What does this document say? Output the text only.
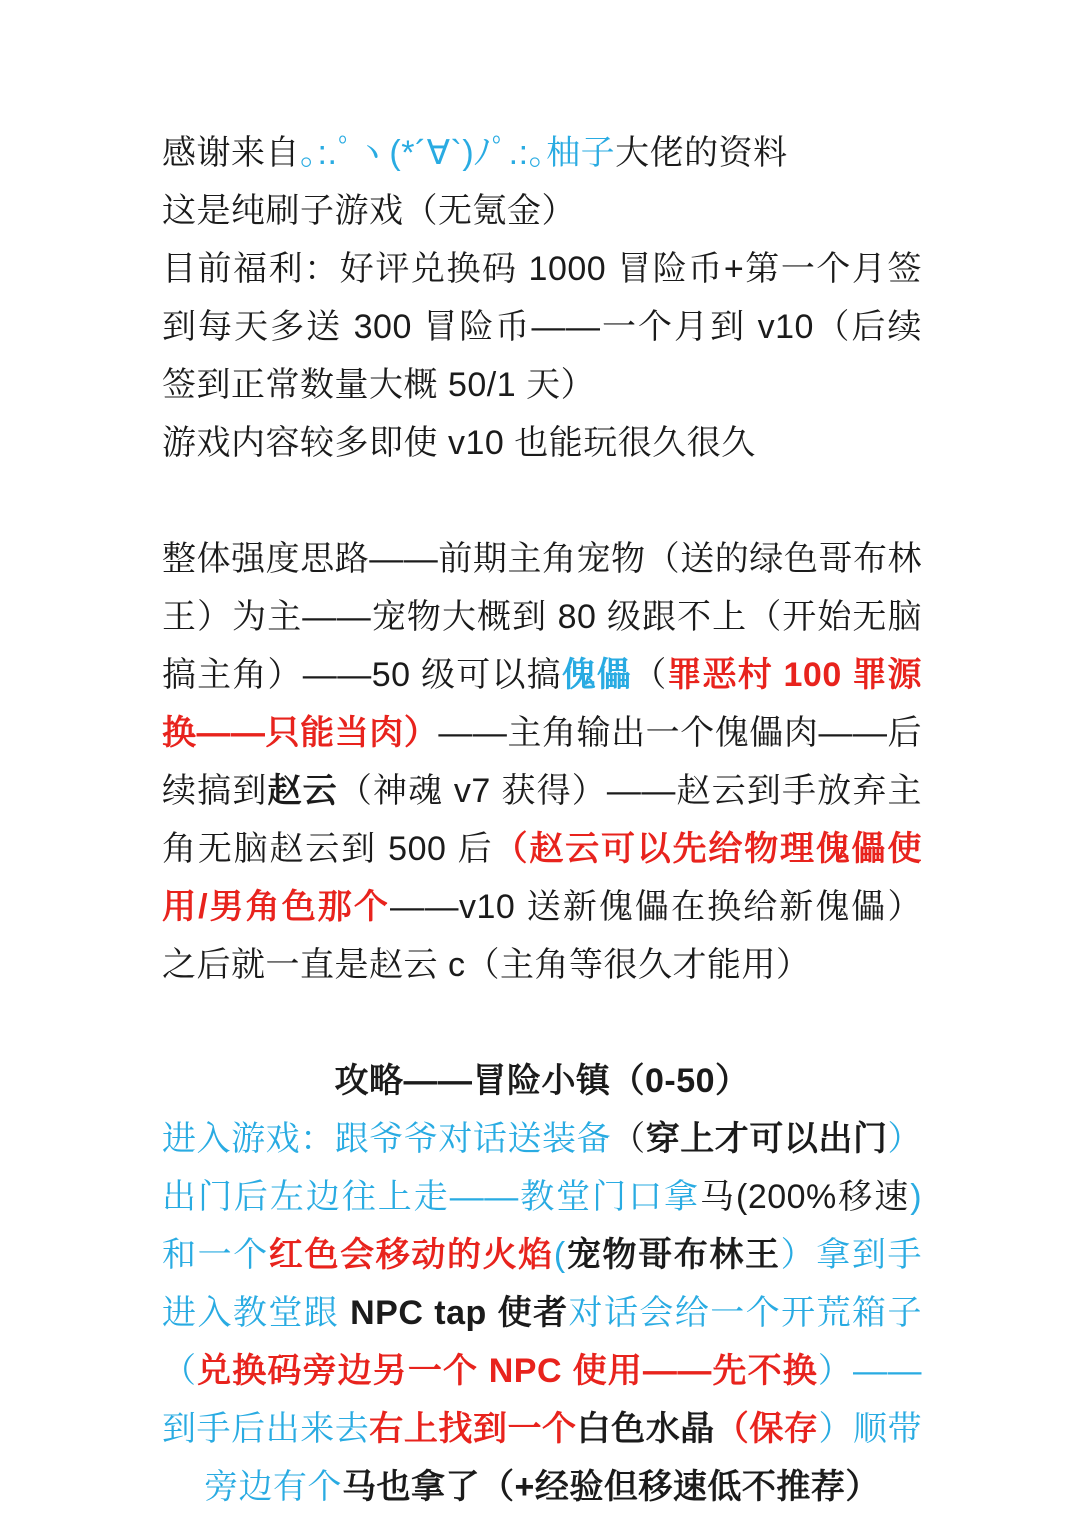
感谢来自｡:.ﾟヽ(*´∀`)ﾉﾟ.:｡柚子大佬的资料

这是纯刷子游戏（无氪金）

目前福利：好评兑换码 1000 冒险币+第一个月签到每天多送 300 冒险币——一个月到 v10（后续签到正常数量大概 50/1 天）

游戏内容较多即使 v10 也能玩很久很久

整体强度思路——前期主角宠物（送的绿色哥布林王）为主——宠物大概到 80 级跟不上（开始无脑搞主角）——50 级可以搞傀儡（罪恶村 100 罪源换——只能当肉）——主角输出一个傀儡肉——后续搞到赵云（神魂 v7 获得）——赵云到手放弃主角无脑赵云到 500 后（赵云可以先给物理傀儡使用/男角色那个——v10 送新傀儡在换给新傀儡）之后就一直是赵云 c（主角等很久才能用）

攻略——冒险小镇（0-50）

进入游戏：跟爷爷对话送装备（穿上才可以出门）出门后左边往上走——教堂门口拿马(200%移速)和一个红色会移动的火焰(宠物哥布林王）拿到手进入教堂跟 NPC tap 使者对话会给一个开荒箱子（兑换码旁边另一个 NPC 使用——先不换）——到手后出来去右上找到一个白色水晶（保存）顺带旁边有个马也拿了（+经验但移速低不推荐）
